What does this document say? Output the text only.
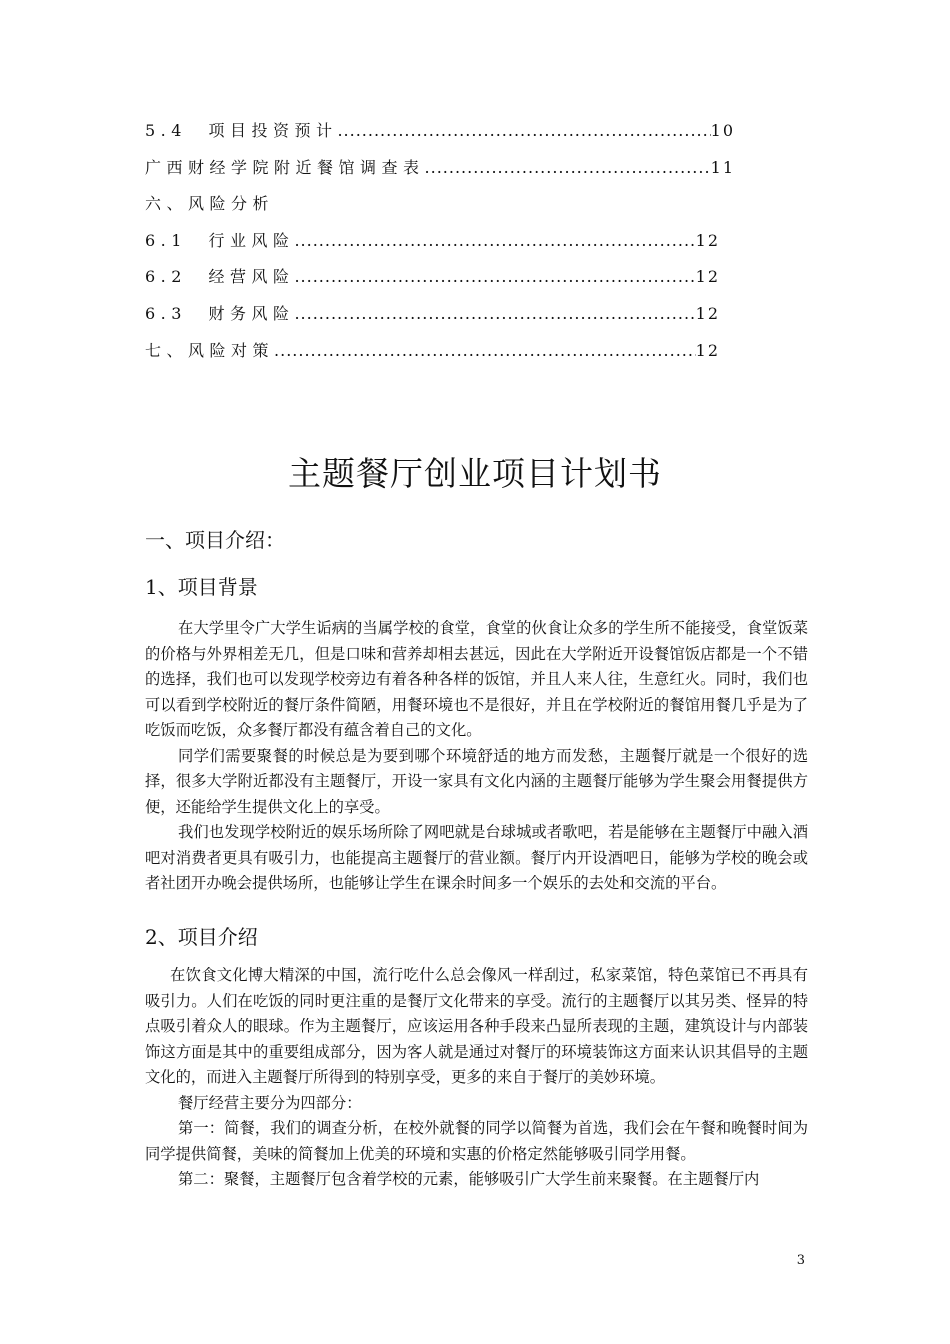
5.4　项目投资预计 .....	10
广西财经学院附近餐馆调查表 .....	11
六、风险分析
6.1　行业风险 .....	12
6.2　经营风险 .....	12
6.3　财务风险 .....	12
七、风险对策 .....	12
主题餐厅创业项目计划书
一、项目介绍：
1、项目背景

在大学里令广大学生诟病的当属学校的食堂，食堂的伙食让众多的学生所不能接受，食堂饭菜的价格与外界相差无几，但是口味和营养却相去甚远，因此在大学附近开设餐馆饭店都是一个不错的选择，我们也可以发现学校旁边有着各种各样的饭馆，并且人来人往，生意红火。同时，我们也可以看到学校附近的餐厅条件简陋，用餐环境也不是很好，并且在学校附近的餐馆用餐几乎是为了吃饭而吃饭，众多餐厅都没有蕴含着自己的文化。

同学们需要聚餐的时候总是为要到哪个环境舒适的地方而发愁，主题餐厅就是一个很好的选择，很多大学附近都没有主题餐厅，开设一家具有文化内涵的主题餐厅能够为学生聚会用餐提供方便，还能给学生提供文化上的享受。

我们也发现学校附近的娱乐场所除了网吧就是台球城或者歌吧，若是能够在主题餐厅中融入酒吧对消费者更具有吸引力，也能提高主题餐厅的营业额。餐厅内开设酒吧日，能够为学校的晚会或者社团开办晚会提供场所，也能够让学生在课余时间多一个娱乐的去处和交流的平台。

2、项目介绍

在饮食文化博大精深的中国，流行吃什么总会像风一样刮过，私家菜馆，特色菜馆已不再具有吸引力。人们在吃饭的同时更注重的是餐厅文化带来的享受。流行的主题餐厅以其另类、怪异的特点吸引着众人的眼球。作为主题餐厅，应该运用各种手段来凸显所表现的主题，建筑设计与内部装饰这方面是其中的重要组成部分，因为客人就是通过对餐厅的环境装饰这方面来认识其倡导的主题文化的，而进入主题餐厅所得到的特别享受，更多的来自于餐厅的美妙环境。

餐厅经营主要分为四部分：

第一：简餐，我们的调查分析，在校外就餐的同学以简餐为首选，我们会在午餐和晚餐时间为同学提供简餐，美味的简餐加上优美的环境和实惠的价格定然能够吸引同学用餐。

第二：聚餐，主题餐厅包含着学校的元素，能够吸引广大学生前来聚餐。在主题餐厅内

3
